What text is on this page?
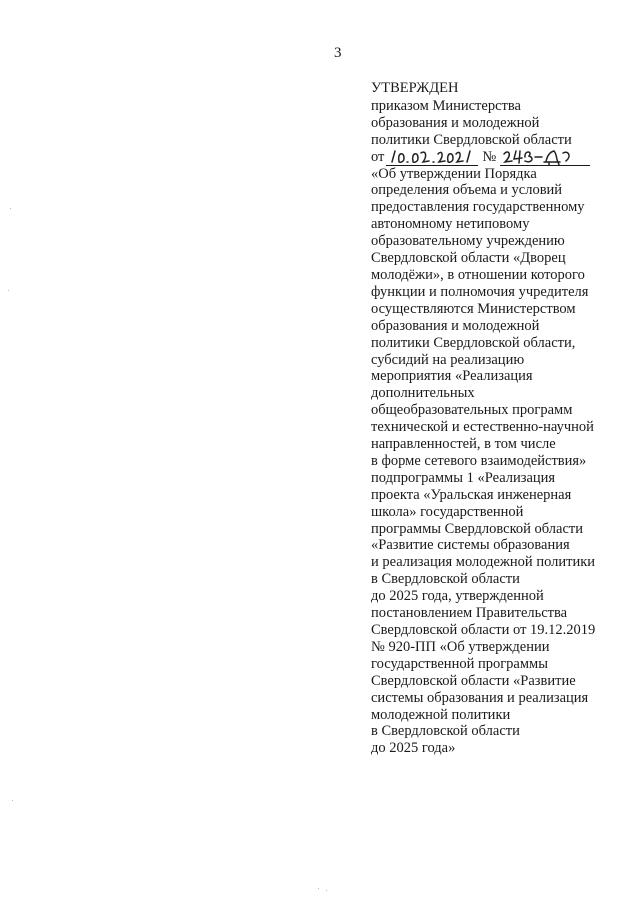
3
УТВЕРЖДЕН
приказом Министерства
образования и молодежной
политики Свердловской области
от	№
«Об утверждении Порядка
определения объема и условий
предоставления государственному
автономному нетиповому
образовательному учреждению
Свердловской области «Дворец
молодёжи», в отношении которого
функции и полномочия учредителя
осуществляются Министерством
образования и молодежной
политики Свердловской области,
субсидий на реализацию
мероприятия «Реализация
дополнительных
общеобразовательных программ
технической и естественно-научной
направленностей, в том числе
в форме сетевого взаимодействия»
подпрограммы 1 «Реализация
проекта «Уральская инженерная
школа» государственной
программы Свердловской области
«Развитие системы образования
и реализация молодежной политики
в Свердловской области
до 2025 года, утвержденной
постановлением Правительства
Свердловской области от 19.12.2019
№ 920-ПП «Об утверждении
государственной программы
Свердловской области «Развитие
системы образования и реализация
молодежной политики
в Свердловской области
до 2025 года»
